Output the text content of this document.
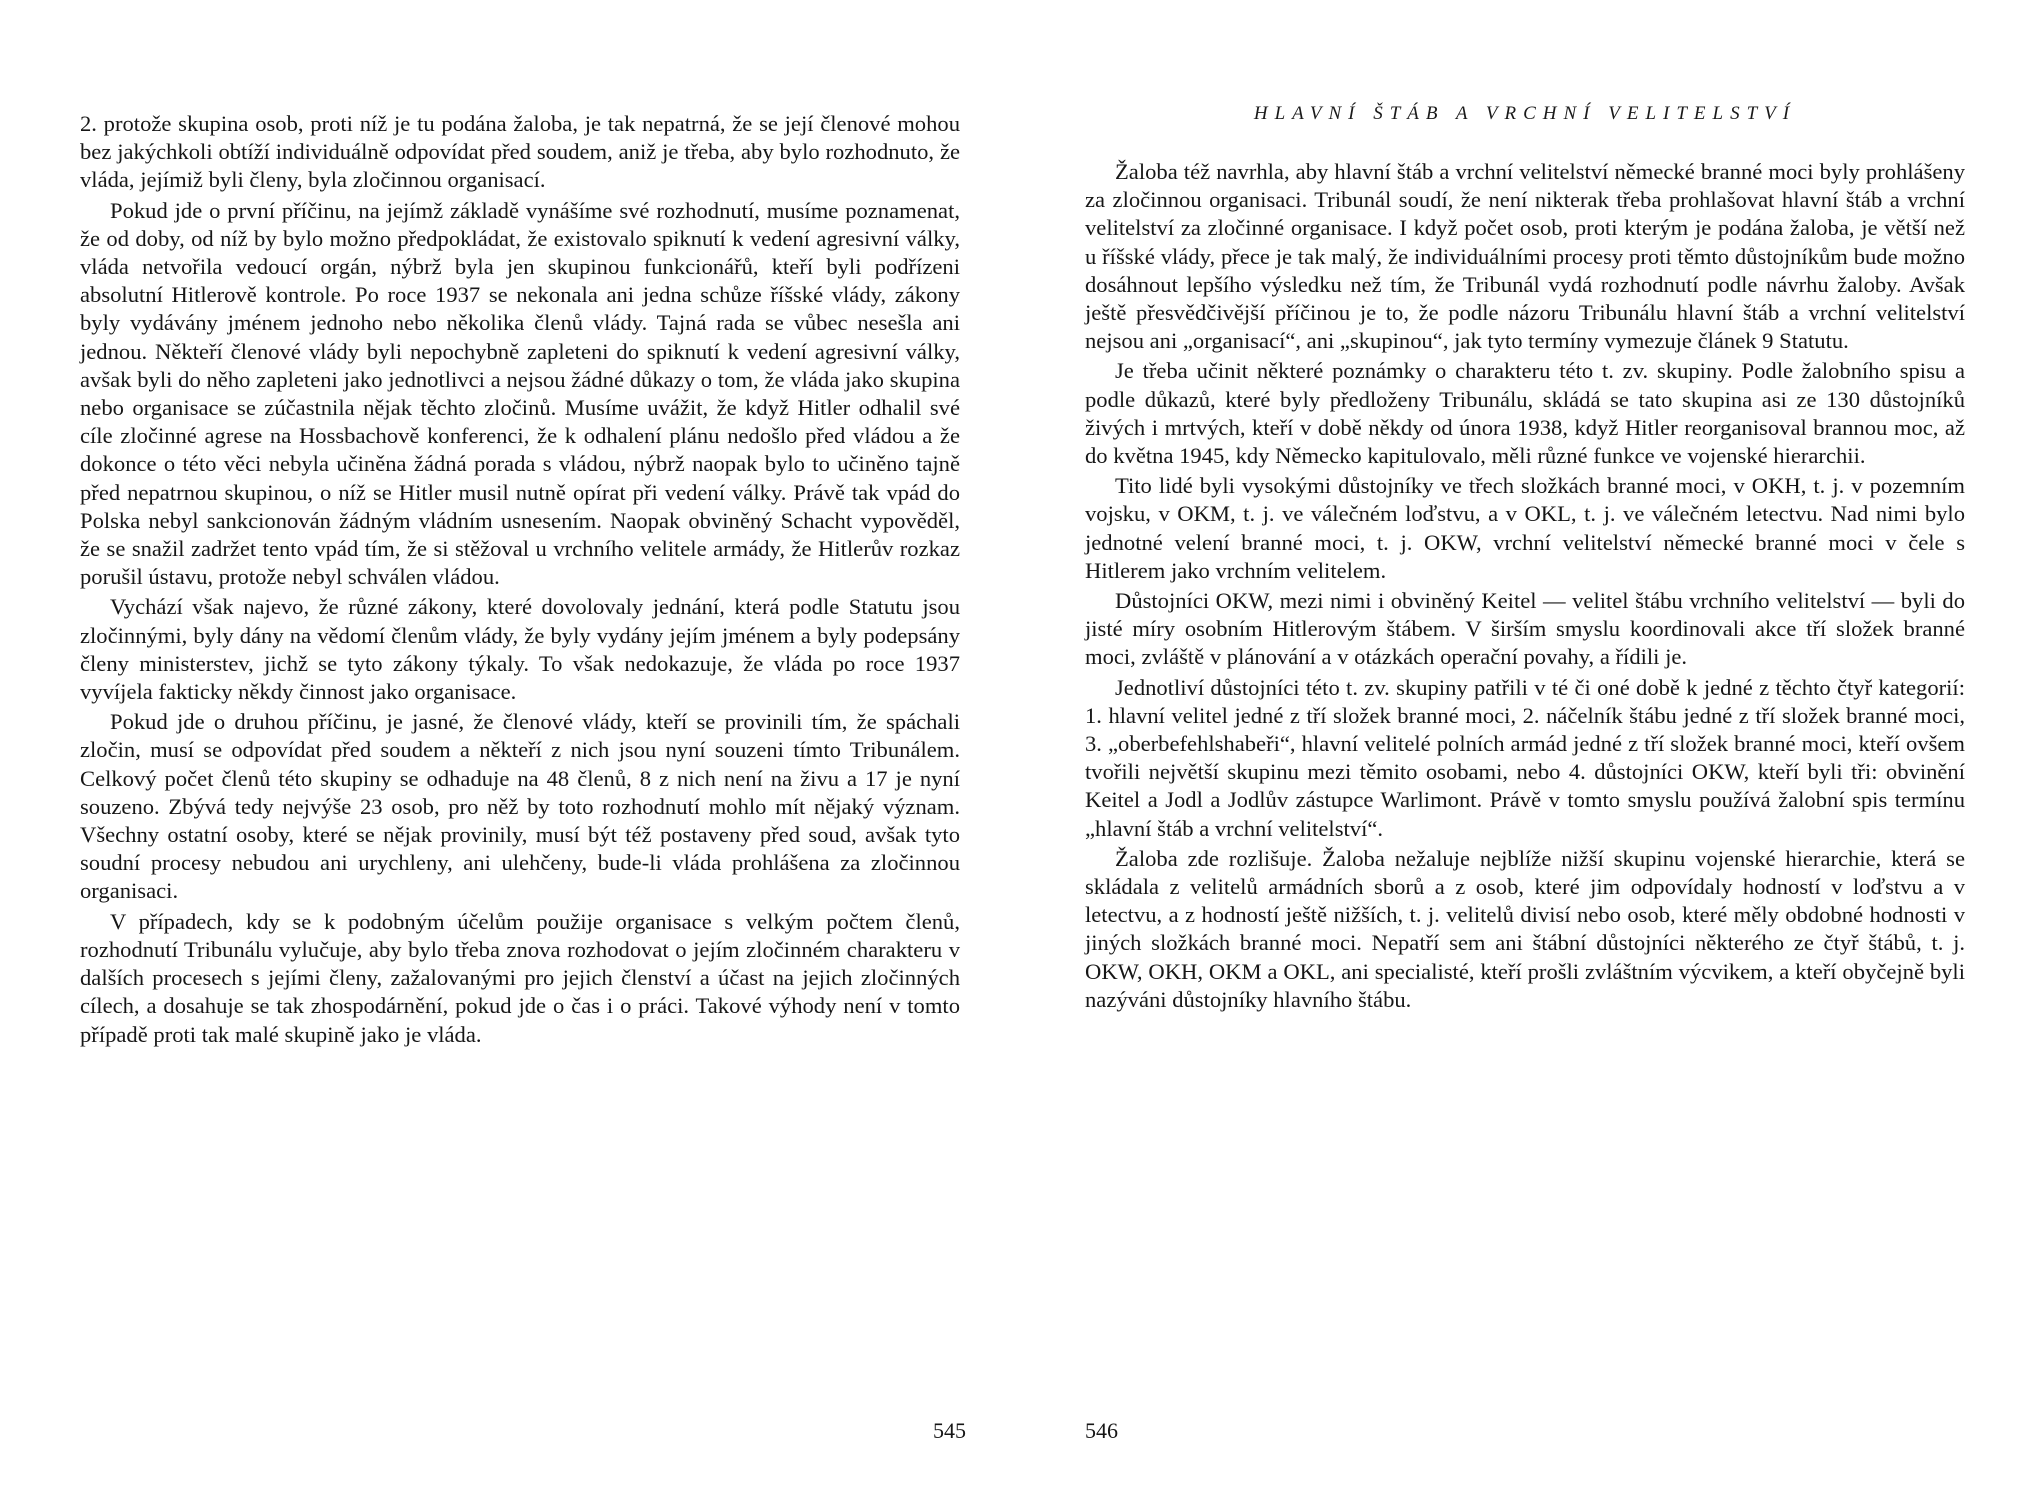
2. protože skupina osob, proti níž je tu podána žaloba, je tak nepatrná, že se její členové mohou bez jakýchkoli obtíží individuálně odpovídat před soudem, aniž je třeba, aby bylo rozhodnuto, že vláda, jejímiž byli členy, byla zločinnou organisací.

Pokud jde o první příčinu, na jejímž základě vynášíme své rozhodnutí, musíme poznamenat, že od doby, od níž by bylo možno předpokládat, že existovalo spiknutí k vedení agresivní války, vláda netvořila vedoucí orgán, nýbrž byla jen skupinou funkcionářů, kteří byli podřízeni absolutní Hitlerově kontrole. Po roce 1937 se nekonala ani jedna schůze říšské vlády, zákony byly vydávány jménem jednoho nebo několika členů vlády. Tajná rada se vůbec nesešla ani jednou. Někteří členové vlády byli nepochybně zapleteni do spiknutí k vedení agresivní války, avšak byli do něho zapleteni jako jednotlivci a nejsou žádné důkazy o tom, že vláda jako skupina nebo organisace se zúčastnila nějak těchto zločinů. Musíme uvážit, že když Hitler odhalil své cíle zločinné agrese na Hossbachově konferenci, že k odhalení plánu nedošlo před vládou a že dokonce o této věci nebyla učiněna žádná porada s vládou, nýbrž naopak bylo to učiněno tajně před nepatrnou skupinou, o níž se Hitler musil nutně opírat při vedení války. Právě tak vpád do Polska nebyl sankcionován žádným vládním usnesením. Naopak obviněný Schacht vypověděl, že se snažil zadržet tento vpád tím, že si stěžoval u vrchního velitele armády, že Hitlerův rozkaz porušil ústavu, protože nebyl schválen vládou.

Vychází však najevo, že různé zákony, které dovolovaly jednání, která podle Statutu jsou zločinnými, byly dány na vědomí členům vlády, že byly vydány jejím jménem a byly podepsány členy ministerstev, jichž se tyto zákony týkaly. To však nedokazuje, že vláda po roce 1937 vyvíjela fakticky někdy činnost jako organisace.

Pokud jde o druhou příčinu, je jasné, že členové vlády, kteří se provinili tím, že spáchali zločin, musí se odpovídat před soudem a někteří z nich jsou nyní souzeni tímto Tribunálem. Celkový počet členů této skupiny se odhaduje na 48 členů, 8 z nich není na živu a 17 je nyní souzeno. Zbývá tedy nejvýše 23 osob, pro něž by toto rozhodnutí mohlo mít nějaký význam. Všechny ostatní osoby, které se nějak provinily, musí být též postaveny před soud, avšak tyto soudní procesy nebudou ani urychleny, ani ulehčeny, bude-li vláda prohlášena za zločinnou organisaci.

V případech, kdy se k podobným účelům použije organisace s velkým počtem členů, rozhodnutí Tribunálu vylučuje, aby bylo třeba znova rozhodovat o jejím zločinném charakteru v dalších procesech s jejími členy, zažalovanými pro jejich členství a účast na jejich zločinných cílech, a dosahuje se tak zhospodárnění, pokud jde o čas i o práci. Takové výhody není v tomto případě proti tak malé skupině jako je vláda.

545
HLAVNÍ ŠTÁB A VRCHNÍ VELITELSTVÍ

Žaloba též navrhla, aby hlavní štáb a vrchní velitelství německé branné moci byly prohlášeny za zločinnou organisaci. Tribunál soudí, že není nikterak třeba prohlašovat hlavní štáb a vrchní velitelství za zločinné organisace. I když počet osob, proti kterým je podána žaloba, je větší než u říšské vlády, přece je tak malý, že individuálními procesy proti těmto důstojníkům bude možno dosáhnout lepšího výsledku než tím, že Tribunál vydá rozhodnutí podle návrhu žaloby. Avšak ještě přesvědčivější příčinou je to, že podle názoru Tribunálu hlavní štáb a vrchní velitelství nejsou ani „organisací“, ani „skupinou“, jak tyto termíny vymezuje článek 9 Statutu.

Je třeba učinit některé poznámky o charakteru této t. zv. skupiny. Podle žalobního spisu a podle důkazů, které byly předloženy Tribunálu, skládá se tato skupina asi ze 130 důstojníků živých i mrtvých, kteří v době někdy od února 1938, když Hitler reorganisoval brannou moc, až do května 1945, kdy Německo kapitulovalo, měli různé funkce ve vojenské hierarchii.

Tito lidé byli vysokými důstojníky ve třech složkách branné moci, v OKH, t. j. v pozemním vojsku, v OKM, t. j. ve válečném loďstvu, a v OKL, t. j. ve válečném letectvu. Nad nimi bylo jednotné velení branné moci, t. j. OKW, vrchní velitelství německé branné moci v čele s Hitlerem jako vrchním velitelem.

Důstojníci OKW, mezi nimi i obviněný Keitel — velitel štábu vrchního velitelství — byli do jisté míry osobním Hitlerovým štábem. V širším smyslu koordinovali akce tří složek branné moci, zvláště v plánování a v otázkách operační povahy, a řídili je.

Jednotliví důstojníci této t. zv. skupiny patřili v té či oné době k jedné z těchto čtyř kategorií: 1. hlavní velitel jedné z tří složek branné moci, 2. náčelník štábu jedné z tří složek branné moci, 3. „oberbefehlshabeři“, hlavní velitelé polních armád jedné z tří složek branné moci, kteří ovšem tvořili největší skupinu mezi těmito osobami, nebo 4. důstojníci OKW, kteří byli tři: obvinění Keitel a Jodl a Jodlův zástupce Warlimont. Právě v tomto smyslu používá žalobní spis termínu „hlavní štáb a vrchní velitelství“.

Žaloba zde rozlišuje. Žaloba nežaluje nejblíže nižší skupinu vojenské hierarchie, která se skládala z velitelů armádních sborů a z osob, které jim odpovídaly hodností v loďstvu a v letectvu, a z hodností ještě nižších, t. j. velitelů divisí nebo osob, které měly obdobné hodnosti v jiných složkách branné moci. Nepatří sem ani štábní důstojníci některého ze čtyř štábů, t. j. OKW, OKH, OKM a OKL, ani specialisté, kteří prošli zvláštním výcvikem, a kteří obyčejně byli nazýváni důstojníky hlavního štábu.

546
